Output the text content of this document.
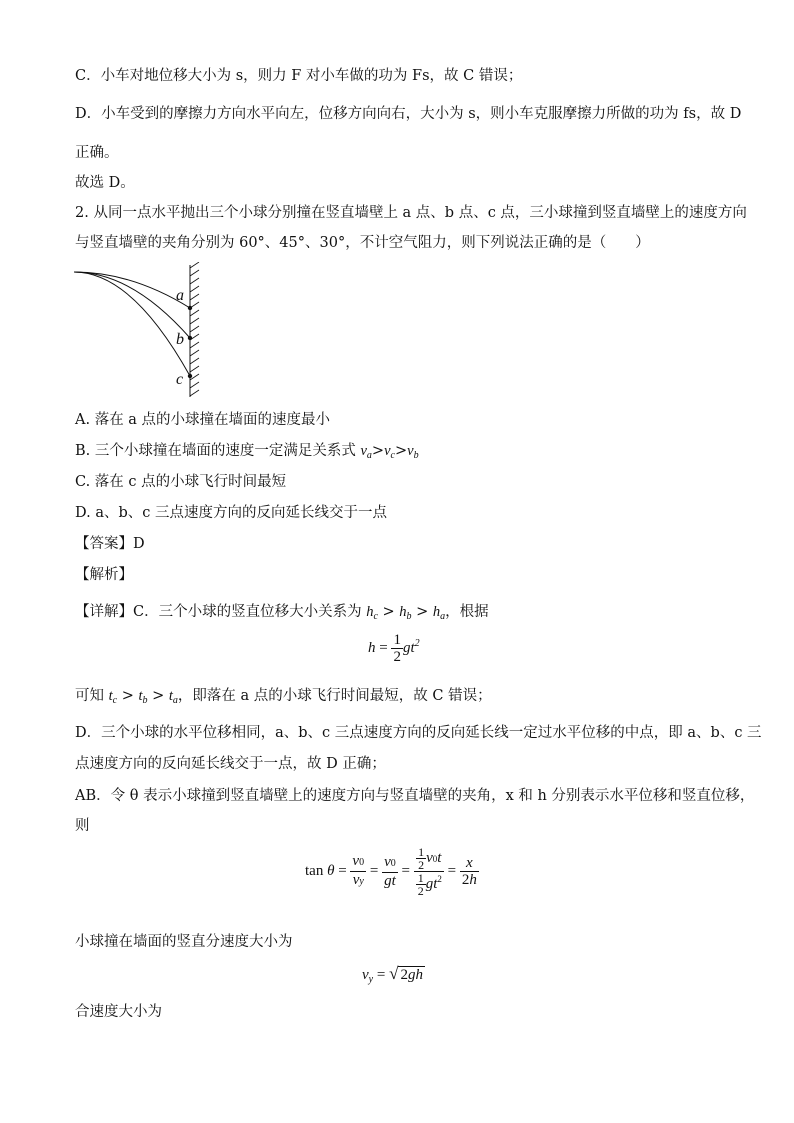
C．小车对地位移大小为 s，则力 F 对小车做的功为 Fs，故 C 错误；
D．小车受到的摩擦力方向水平向左，位移方向向右，大小为 s，则小车克服摩擦力所做的功为 fs，故 D
正确。
故选 D。
2. 从同一点水平抛出三个小球分别撞在竖直墙壁上 a 点、b 点、c 点，三小球撞到竖直墙壁上的速度方向
与竖直墙壁的夹角分别为 60°、45°、30°，不计空气阻力，则下列说法正确的是（　　）
a
b
c
A. 落在 a 点的小球撞在墙面的速度最小
B. 三个小球撞在墙面的速度一定满足关系式 $v_a>v_c>v_b$
C. 落在 c 点的小球飞行时间最短
D. a、b、c 三点速度方向的反向延长线交于一点
【答案】D
【解析】
【详解】C．三个小球的竖直位移大小关系为 $h_c > h_b > h_a$，根据
$h = \frac{1}{2} gt^2$
可知 $t_c > t_b > t_a$，即落在 a 点的小球飞行时间最短，故 C 错误；
D．三个小球的水平位移相同，a、b、c 三点速度方向的反向延长线一定过水平位移的中点，即 a、b、c 三
点速度方向的反向延长线交于一点，故 D 正确；
AB．令 θ 表示小球撞到竖直墙壁上的速度方向与竖直墙壁的夹角，x 和 h 分别表示水平位移和竖直位移，
则
$\tan \theta = \frac{v0}{vy} = \frac{v0}{gt} = \frac{\frac{1}{2} v0t}{\frac{1}{2} gt^2} = \frac{x}{2h}$
小球撞在墙面的竖直分速度大小为
$v_y$ = √ 2gh
合速度大小为
